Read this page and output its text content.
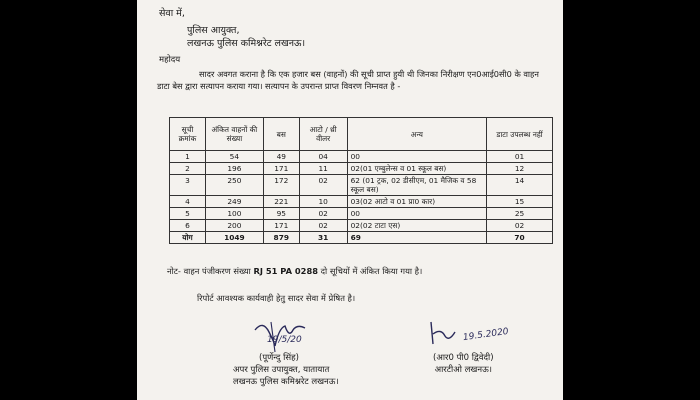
सेवा में,
पुलिस आयुक्त,
लखनऊ पुलिस कमिश्नरेट लखनऊ।
महोदय
सादर अवगत कराना है कि एक हजार बस (वाहनों) की सूची प्राप्त हुयी थी जिनका निरीक्षण एन0आई0सी0 के वाहन डाटा बेस द्वारा सत्यापन कराया गया। सत्यापन के उपरान्त प्राप्त विवरण निम्नवत है -
सूची क्रमांक	अंकित वाहनों की संख्या	बस	आटो / थ्री वीलर	अन्य	डाटा उपलब्ध नहीं
1	54	49	04	00	01
2	196	171	11	02(01 एम्बुलेन्स व 01 स्कूल बस)	12
3	250	172	02	62 (01 ट्रक, 02 डीसीएम, 01 मैजिक व 58 स्कूल बस)	14
4	249	221	10	03(02 आटो व 01 प्रा0 कार)	15
5	100	95	02	00	25
6	200	171	02	02(02 टाटा एस)	02
योग	1049	879	31	69	70
नोट- वाहन पंजीकरण संख्या RJ 51 PA 0288 दो सूचियों में अंकित किया गया है।
रिपोर्ट आवश्यक कार्यवाही हेतु सादर सेवा में प्रेषित है।
19/5/20
(पूर्णेन्दु सिंह)
अपर पुलिस उपायुक्त, यातायात
लखनऊ पुलिस कमिश्नरेट लखनऊ।
19.5.2020
(आर0 पी0 द्विवेदी)
आरटीओ लखनऊ।
